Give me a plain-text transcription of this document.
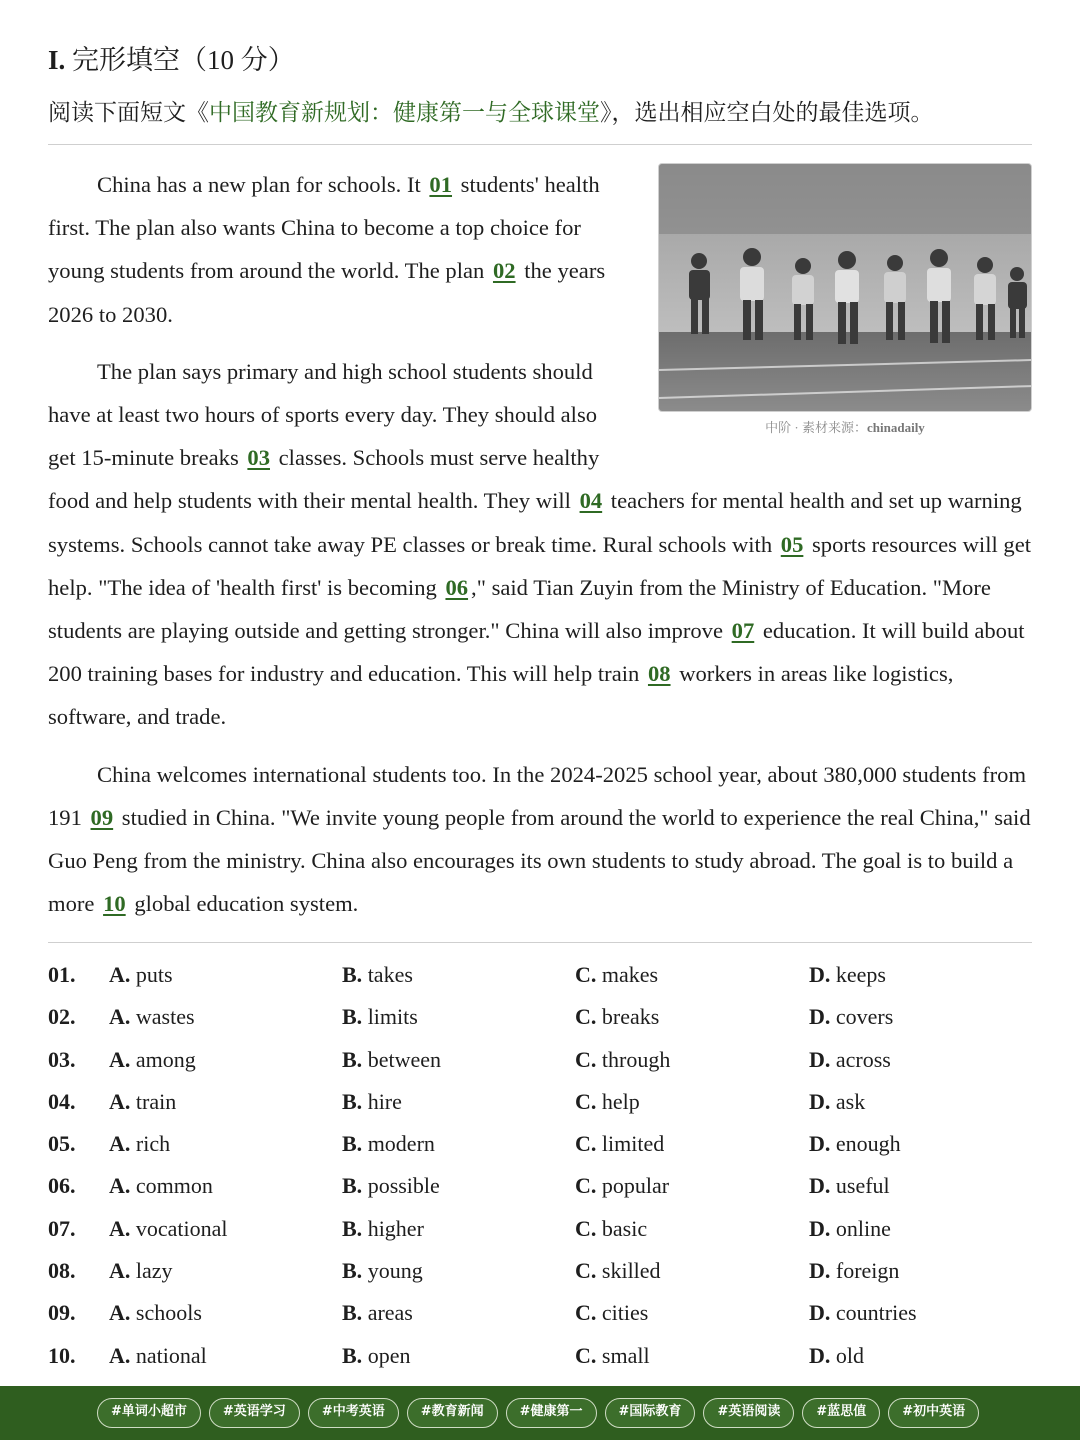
I. 完形填空（10 分）
阅读下面短文《中国教育新规划：健康第一与全球课堂》，选出相应空白处的最佳选项。

中阶 · 素材来源：chinadaily
China has a new plan for schools. It 01 students' health first. The plan also wants China to become a top choice for young students from around the world. The plan 02 the years 2026 to 2030.

The plan says primary and high school students should have at least two hours of sports every day. They should also get 15-minute breaks 03 classes. Schools must serve healthy food and help students with their mental health. They will 04 teachers for mental health and set up warning systems. Schools cannot take away PE classes or break time. Rural schools with 05 sports resources will get help. "The idea of 'health first' is becoming 06 ," said Tian Zuyin from the Ministry of Education. "More students are playing outside and getting stronger." China will also improve 07 education. It will build about 200 training bases for industry and education. This will help train 08 workers in areas like logistics, software, and trade.

China welcomes international students too. In the 2024-2025 school year, about 380,000 students from 191 09 studied in China. "We invite young people from around the world to experience the real China," said Guo Peng from the ministry. China also encourages its own students to study abroad. The goal is to build a more 10 global education system.

01. A. puts	B. takes	C. makes	D. keeps
02. A. wastes	B. limits	C. breaks	D. covers
03. A. among	B. between	C. through	D. across
04. A. train	B. hire	C. help	D. ask
05. A. rich	B. modern	C. limited	D. enough
06. A. common	B. possible	C. popular	D. useful
07. A. vocational	B. higher	C. basic	D. online
08. A. lazy	B. young	C. skilled	D. foreign
09. A. schools	B. areas	C. cities	D. countries
10. A. national	B. open	C. small	D. old
#单词小超市	#英语学习	#中考英语	#教育新闻	#健康第一	#国际教育	#英语阅读	#蓝思值	#初中英语
